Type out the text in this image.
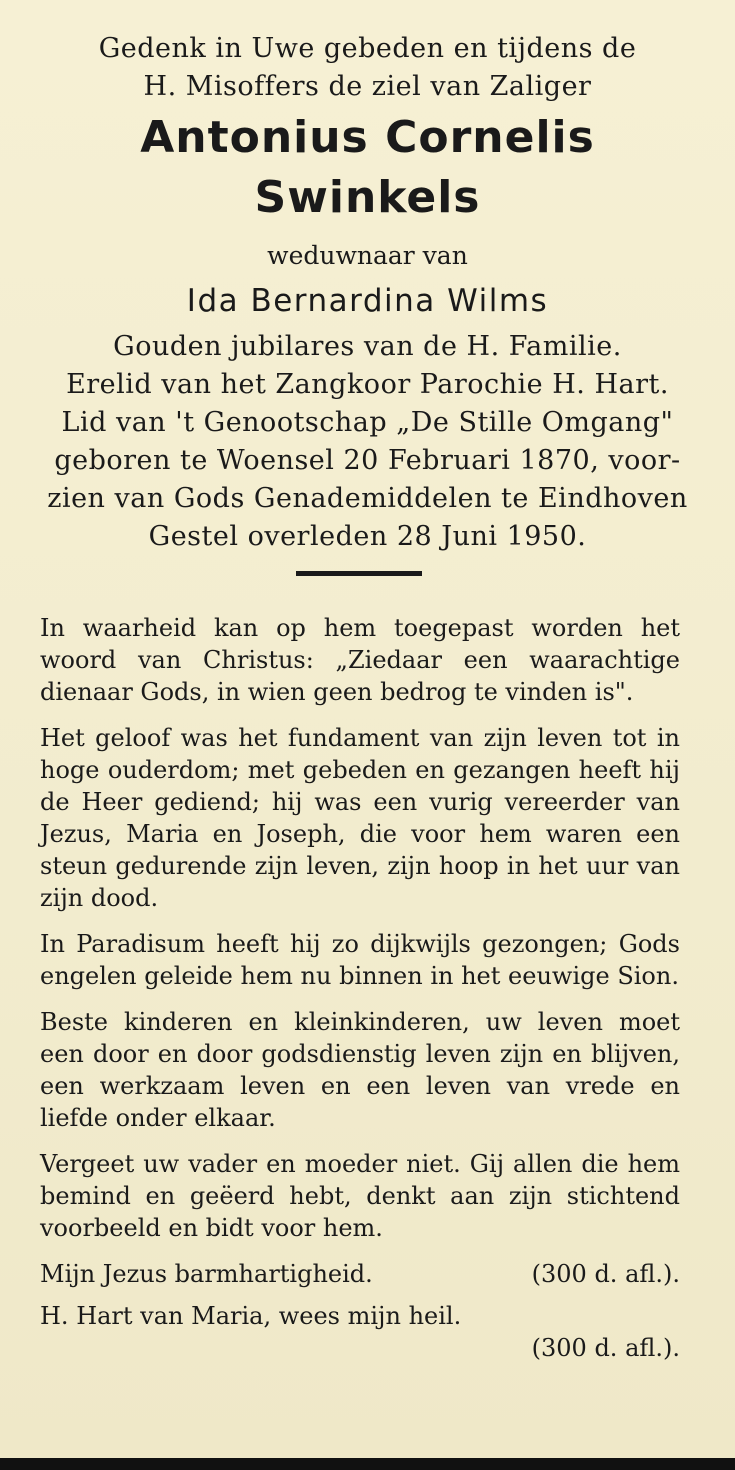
Gedenk in Uwe gebeden en tijdens de
H. Misoffers de ziel van Zaliger
Antonius Cornelis Swinkels
weduwnaar van
Ida Bernardina Wilms
Gouden jubilares van de H. Familie.
Erelid van het Zangkoor Parochie H. Hart.
Lid van 't Genootschap „De Stille Omgang"
geboren te Woensel 20 Februari 1870, voor-
zien van Gods Genademiddelen te Eindhoven
Gestel overleden 28 Juni 1950.

In waarheid kan op hem toegepast worden het woord van Christus: „Ziedaar een waarachtige dienaar Gods, in wien geen bedrog te vinden is".

Het geloof was het fundament van zijn leven tot in hoge ouderdom; met gebeden en gezangen heeft hij de Heer gediend; hij was een vurig vereerder van Jezus, Maria en Joseph, die voor hem waren een steun gedurende zijn leven, zijn hoop in het uur van zijn dood.

In Paradisum heeft hij zo dijkwijls gezongen; Gods engelen geleide hem nu binnen in het eeuwige Sion.

Beste kinderen en kleinkinderen, uw leven moet een door en door godsdienstig leven zijn en blijven, een werkzaam leven en een leven van vrede en liefde onder elkaar.

Vergeet uw vader en moeder niet. Gij allen die hem bemind en geëerd hebt, denkt aan zijn stichtend voorbeeld en bidt voor hem.

Mijn Jezus barmhartigheid.	(300 d. afl.).
H. Hart van Maria, wees mijn heil.
(300 d. afl.).
